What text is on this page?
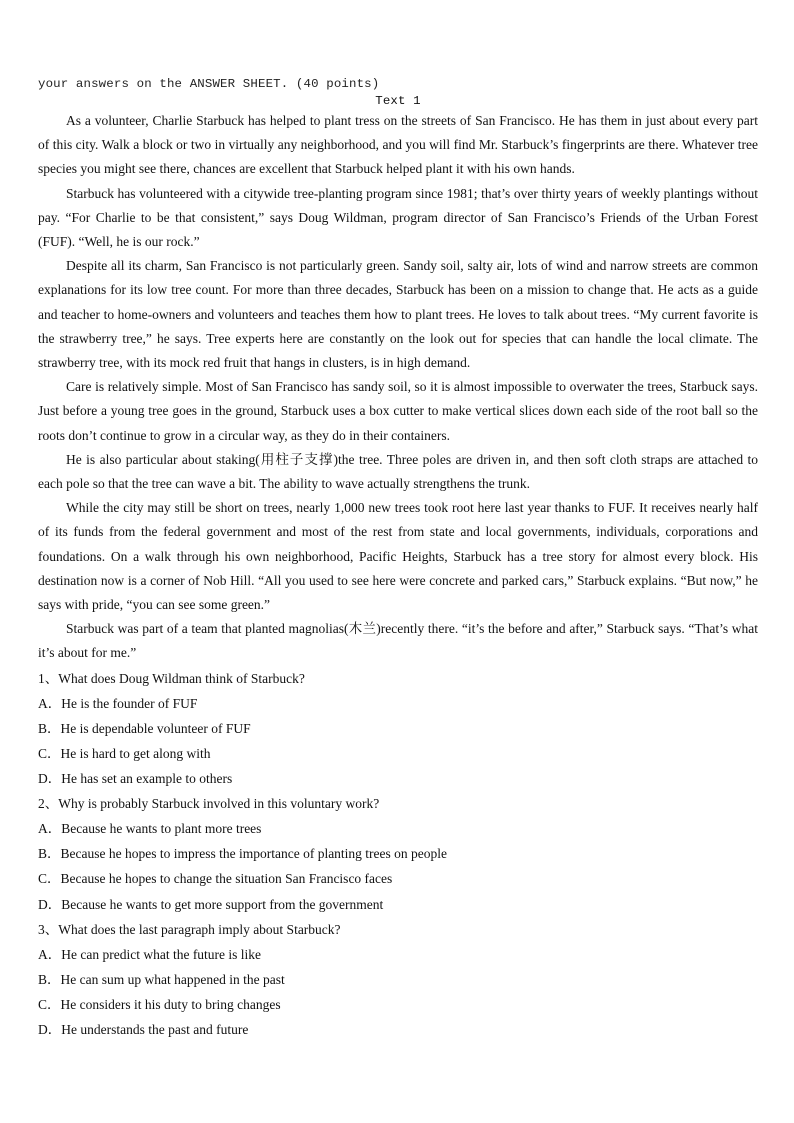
your answers on the ANSWER SHEET. (40 points)

Text 1

As a volunteer, Charlie Starbuck has helped to plant tress on the streets of San Francisco. He has them in just about every part of this city. Walk a block or two in virtually any neighborhood, and you will find Mr. Starbuck’s fingerprints are there. Whatever tree species you might see there, chances are excellent that Starbuck helped plant it with his own hands.

Starbuck has volunteered with a citywide tree-planting program since 1981; that’s over thirty years of weekly plantings without pay. “For Charlie to be that consistent,” says Doug Wildman, program director of San Francisco’s Friends of the Urban Forest (FUF). “Well, he is our rock.”

Despite all its charm, San Francisco is not particularly green. Sandy soil, salty air, lots of wind and narrow streets are common explanations for its low tree count. For more than three decades, Starbuck has been on a mission to change that. He acts as a guide and teacher to home-owners and volunteers and teaches them how to plant trees. He loves to talk about trees. “My current favorite is the strawberry tree,” he says. Tree experts here are constantly on the look out for species that can handle the local climate. The strawberry tree, with its mock red fruit that hangs in clusters, is in high demand.

Care is relatively simple. Most of San Francisco has sandy soil, so it is almost impossible to overwater the trees, Starbuck says. Just before a young tree goes in the ground, Starbuck uses a box cutter to make vertical slices down each side of the root ball so the roots don’t continue to grow in a circular way, as they do in their containers.

He is also particular about staking(用柱子支撑)the tree. Three poles are driven in, and then soft cloth straps are attached to each pole so that the tree can wave a bit. The ability to wave actually strengthens the trunk.

While the city may still be short on trees, nearly 1,000 new trees took root here last year thanks to FUF. It receives nearly half of its funds from the federal government and most of the rest from state and local governments, individuals, corporations and foundations. On a walk through his own neighborhood, Pacific Heights, Starbuck has a tree story for almost every block. His destination now is a corner of Nob Hill. “All you used to see here were concrete and parked cars,” Starbuck explains. “But now,” he says with pride, “you can see some green.”

Starbuck was part of a team that planted magnolias(木兰)recently there. “it’s the before and after,” Starbuck says. “That’s what it’s about for me.”

1、What does Doug Wildman think of Starbuck?

A．He is the founder of FUF

B．He is dependable volunteer of FUF

C．He is hard to get along with

D．He has set an example to others

2、Why is probably Starbuck involved in this voluntary work?

A．Because he wants to plant more trees

B．Because he hopes to impress the importance of planting trees on people

C．Because he hopes to change the situation San Francisco faces

D．Because he wants to get more support from the government

3、What does the last paragraph imply about Starbuck?

A．He can predict what the future is like

B．He can sum up what happened in the past

C．He considers it his duty to bring changes

D．He understands the past and future
